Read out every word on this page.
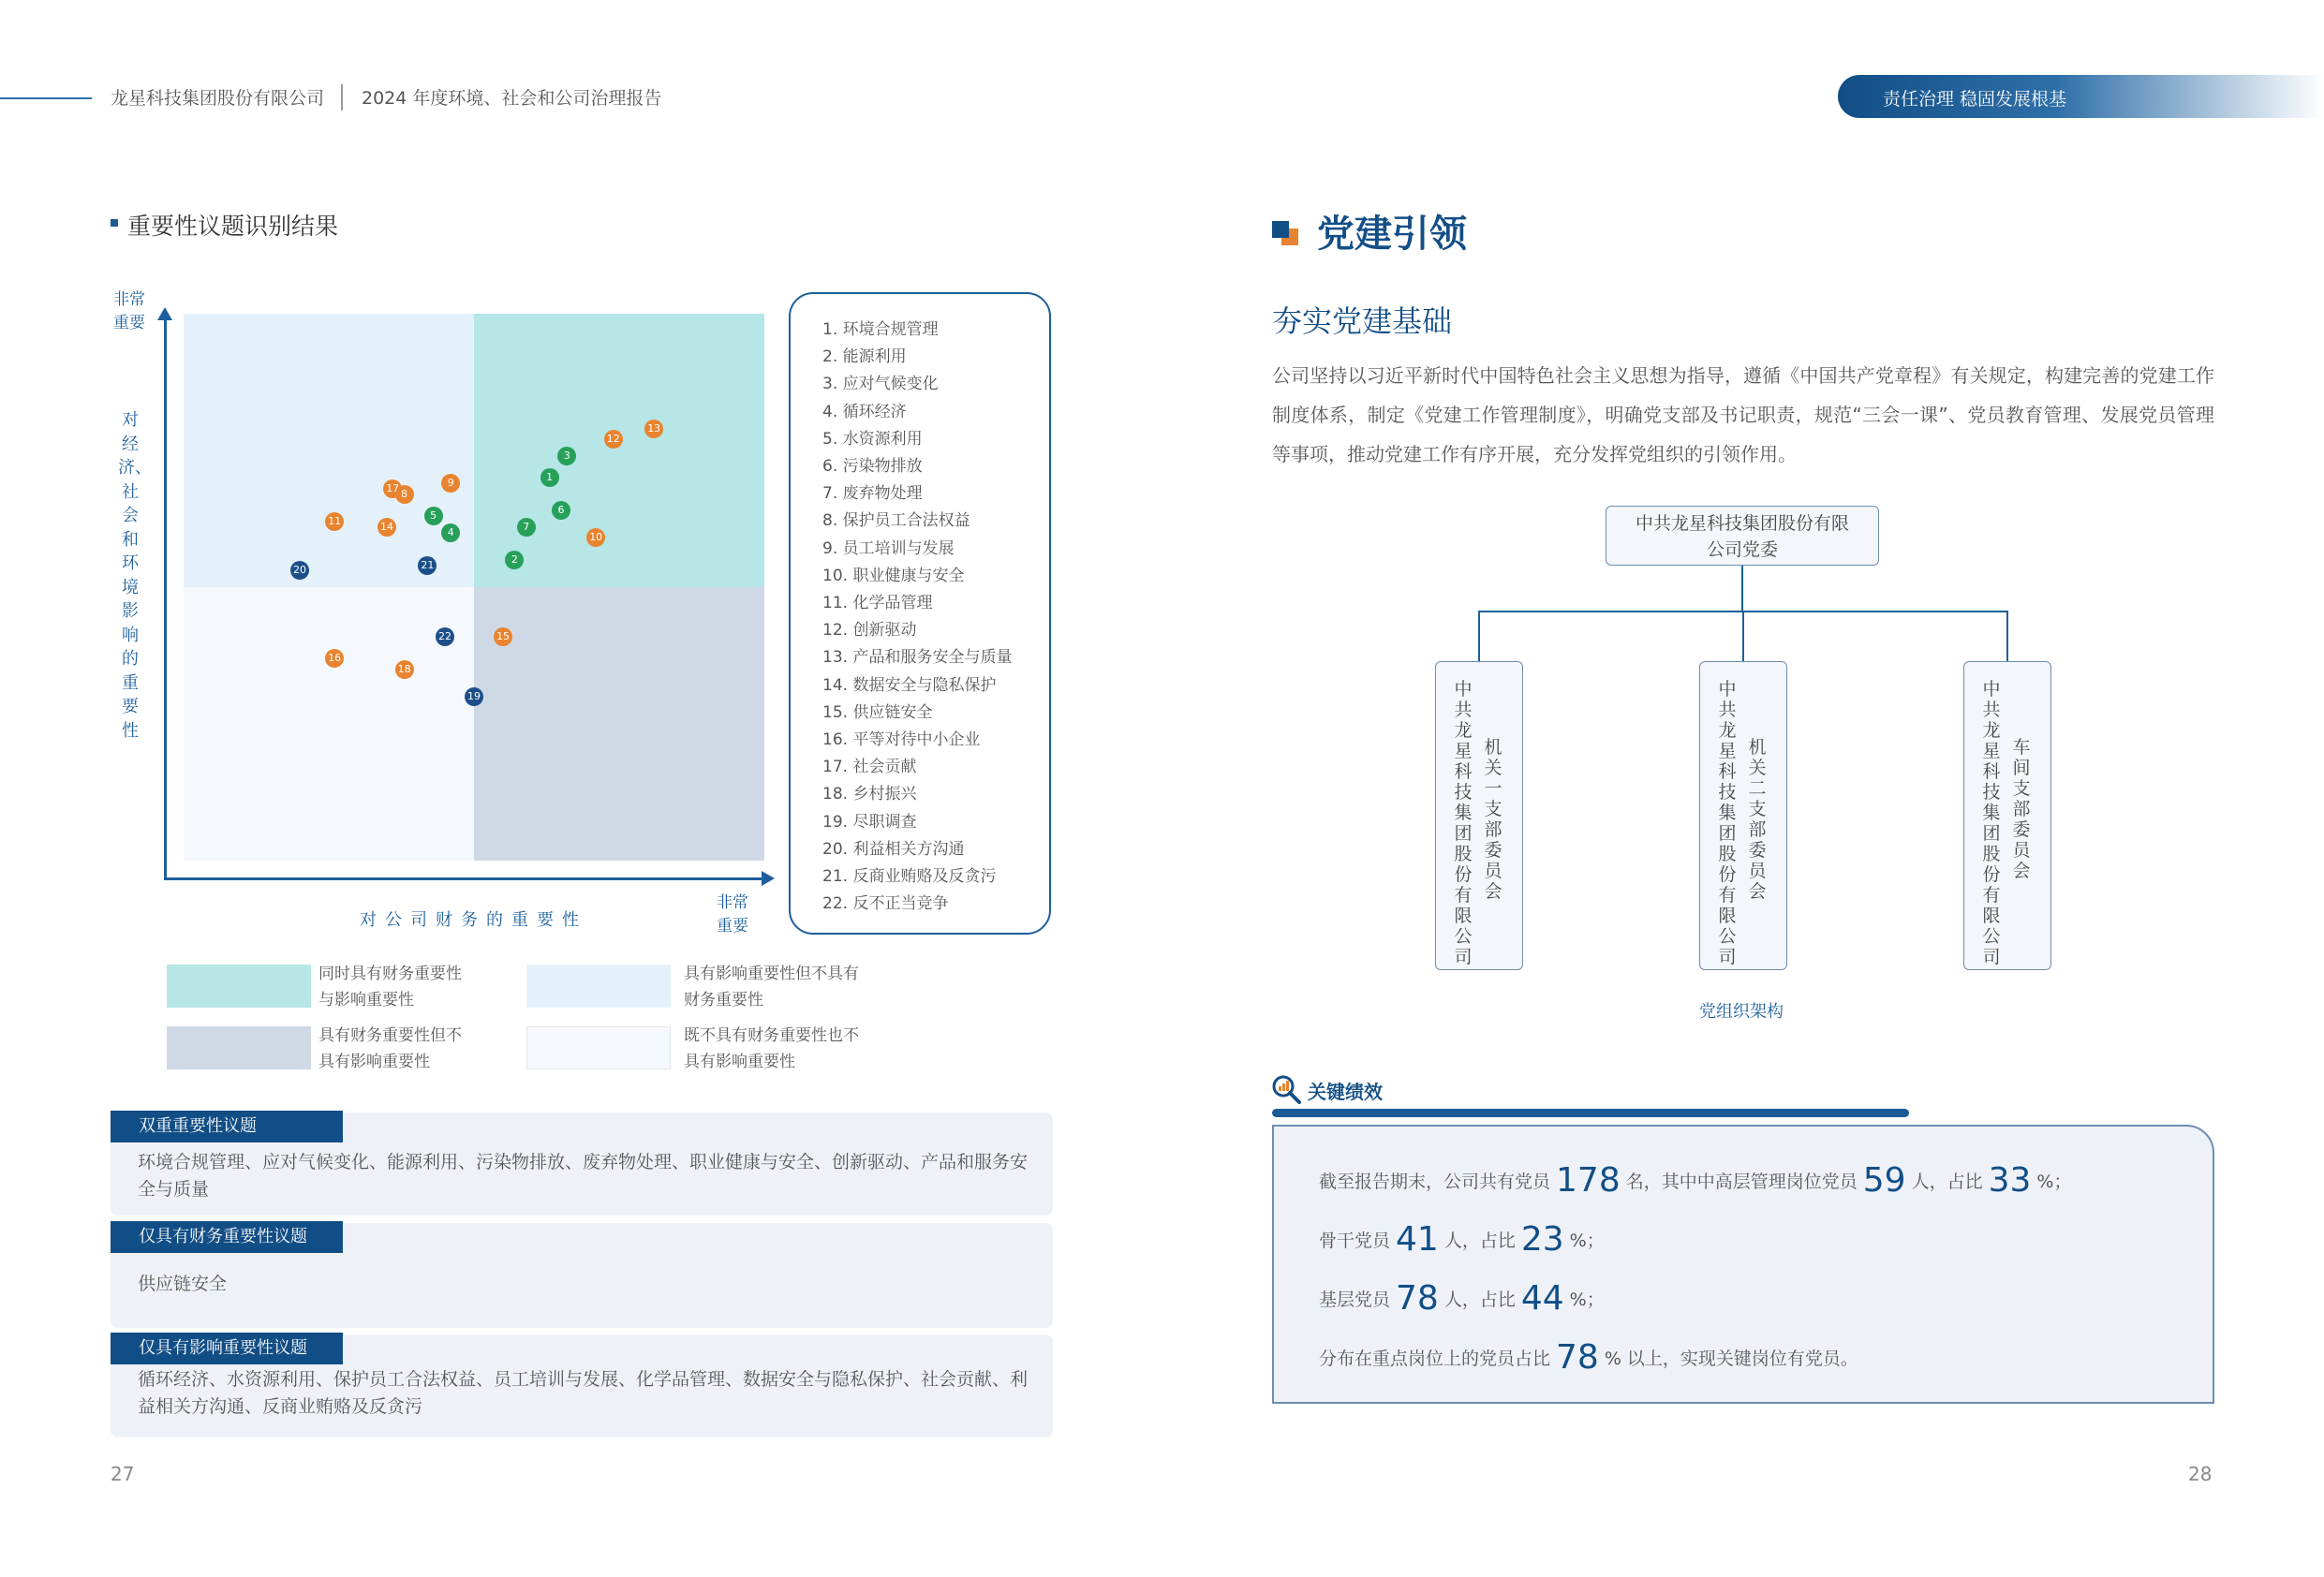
龙星科技集团股份有限公司 2024 年度环境、社会和公司治理报告	责任治理 稳固发展根基
重要性议题识别结果
1
2
3
4
5	6
7
8
9
10
11
12
13
14
15
16
17
18
19
20	21
22
非常
重要
对经济、社会和环境影响的重要性
对公司财务的重要性
非常
重要
1. 环境合规管理
2. 能源利用
3. 应对气候变化
4. 循环经济
5. 水资源利用
6. 污染物排放
7. 废弃物处理
8. 保护员工合法权益
9. 员工培训与发展
10. 职业健康与安全
11. 化学品管理
12. 创新驱动
13. 产品和服务安全与质量
14. 数据安全与隐私保护
15. 供应链安全
16. 平等对待中小企业
17. 社会贡献
18. 乡村振兴
19. 尽职调查
20. 利益相关方沟通
21. 反商业贿赂及反贪污
22. 反不正当竞争
同时具有财务重要性
与影响重要性
具有影响重要性但不具有
财务重要性
具有财务重要性但不
具有影响重要性
既不具有财务重要性也不
具有影响重要性
双重重要性议题
环境合规管理、应对气候变化、能源利用、污染物排放、废弃物处理、职业健康与安全、创新驱动、产品和服务安全与质量
仅具有财务重要性议题
供应链安全
仅具有影响重要性议题
循环经济、水资源利用、保护员工合法权益、员工培训与发展、化学品管理、数据安全与隐私保护、社会贡献、利益相关方沟通、反商业贿赂及反贪污
27
党建引领
夯实党建基础
公司坚持以习近平新时代中国特色社会主义思想为指导，遵循《中国共产党章程》有关规定，构建完善的党建工作制度体系，制定《党建工作管理制度》，明确党支部及书记职责，规范“三会一课”、党员教育管理、发展党员管理等事项，推动党建工作有序开展，充分发挥党组织的引领作用。
中共龙星科技集团股份有限
公司党委
中共龙星科技集团股份有限公司
机关一支部委员会
中共龙星科技集团股份有限公司
机关二支部委员会
中共龙星科技集团股份有限公司
车间支部委员会
党组织架构
关键绩效
截至报告期末，公司共有党员 178 名，其中中高层管理岗位党员 59 人，占比 33 %；
骨干党员 41 人，占比 23 %；
基层党员 78 人，占比 44 %；
分布在重点岗位上的党员占比 78 % 以上，实现关键岗位有党员。
28
